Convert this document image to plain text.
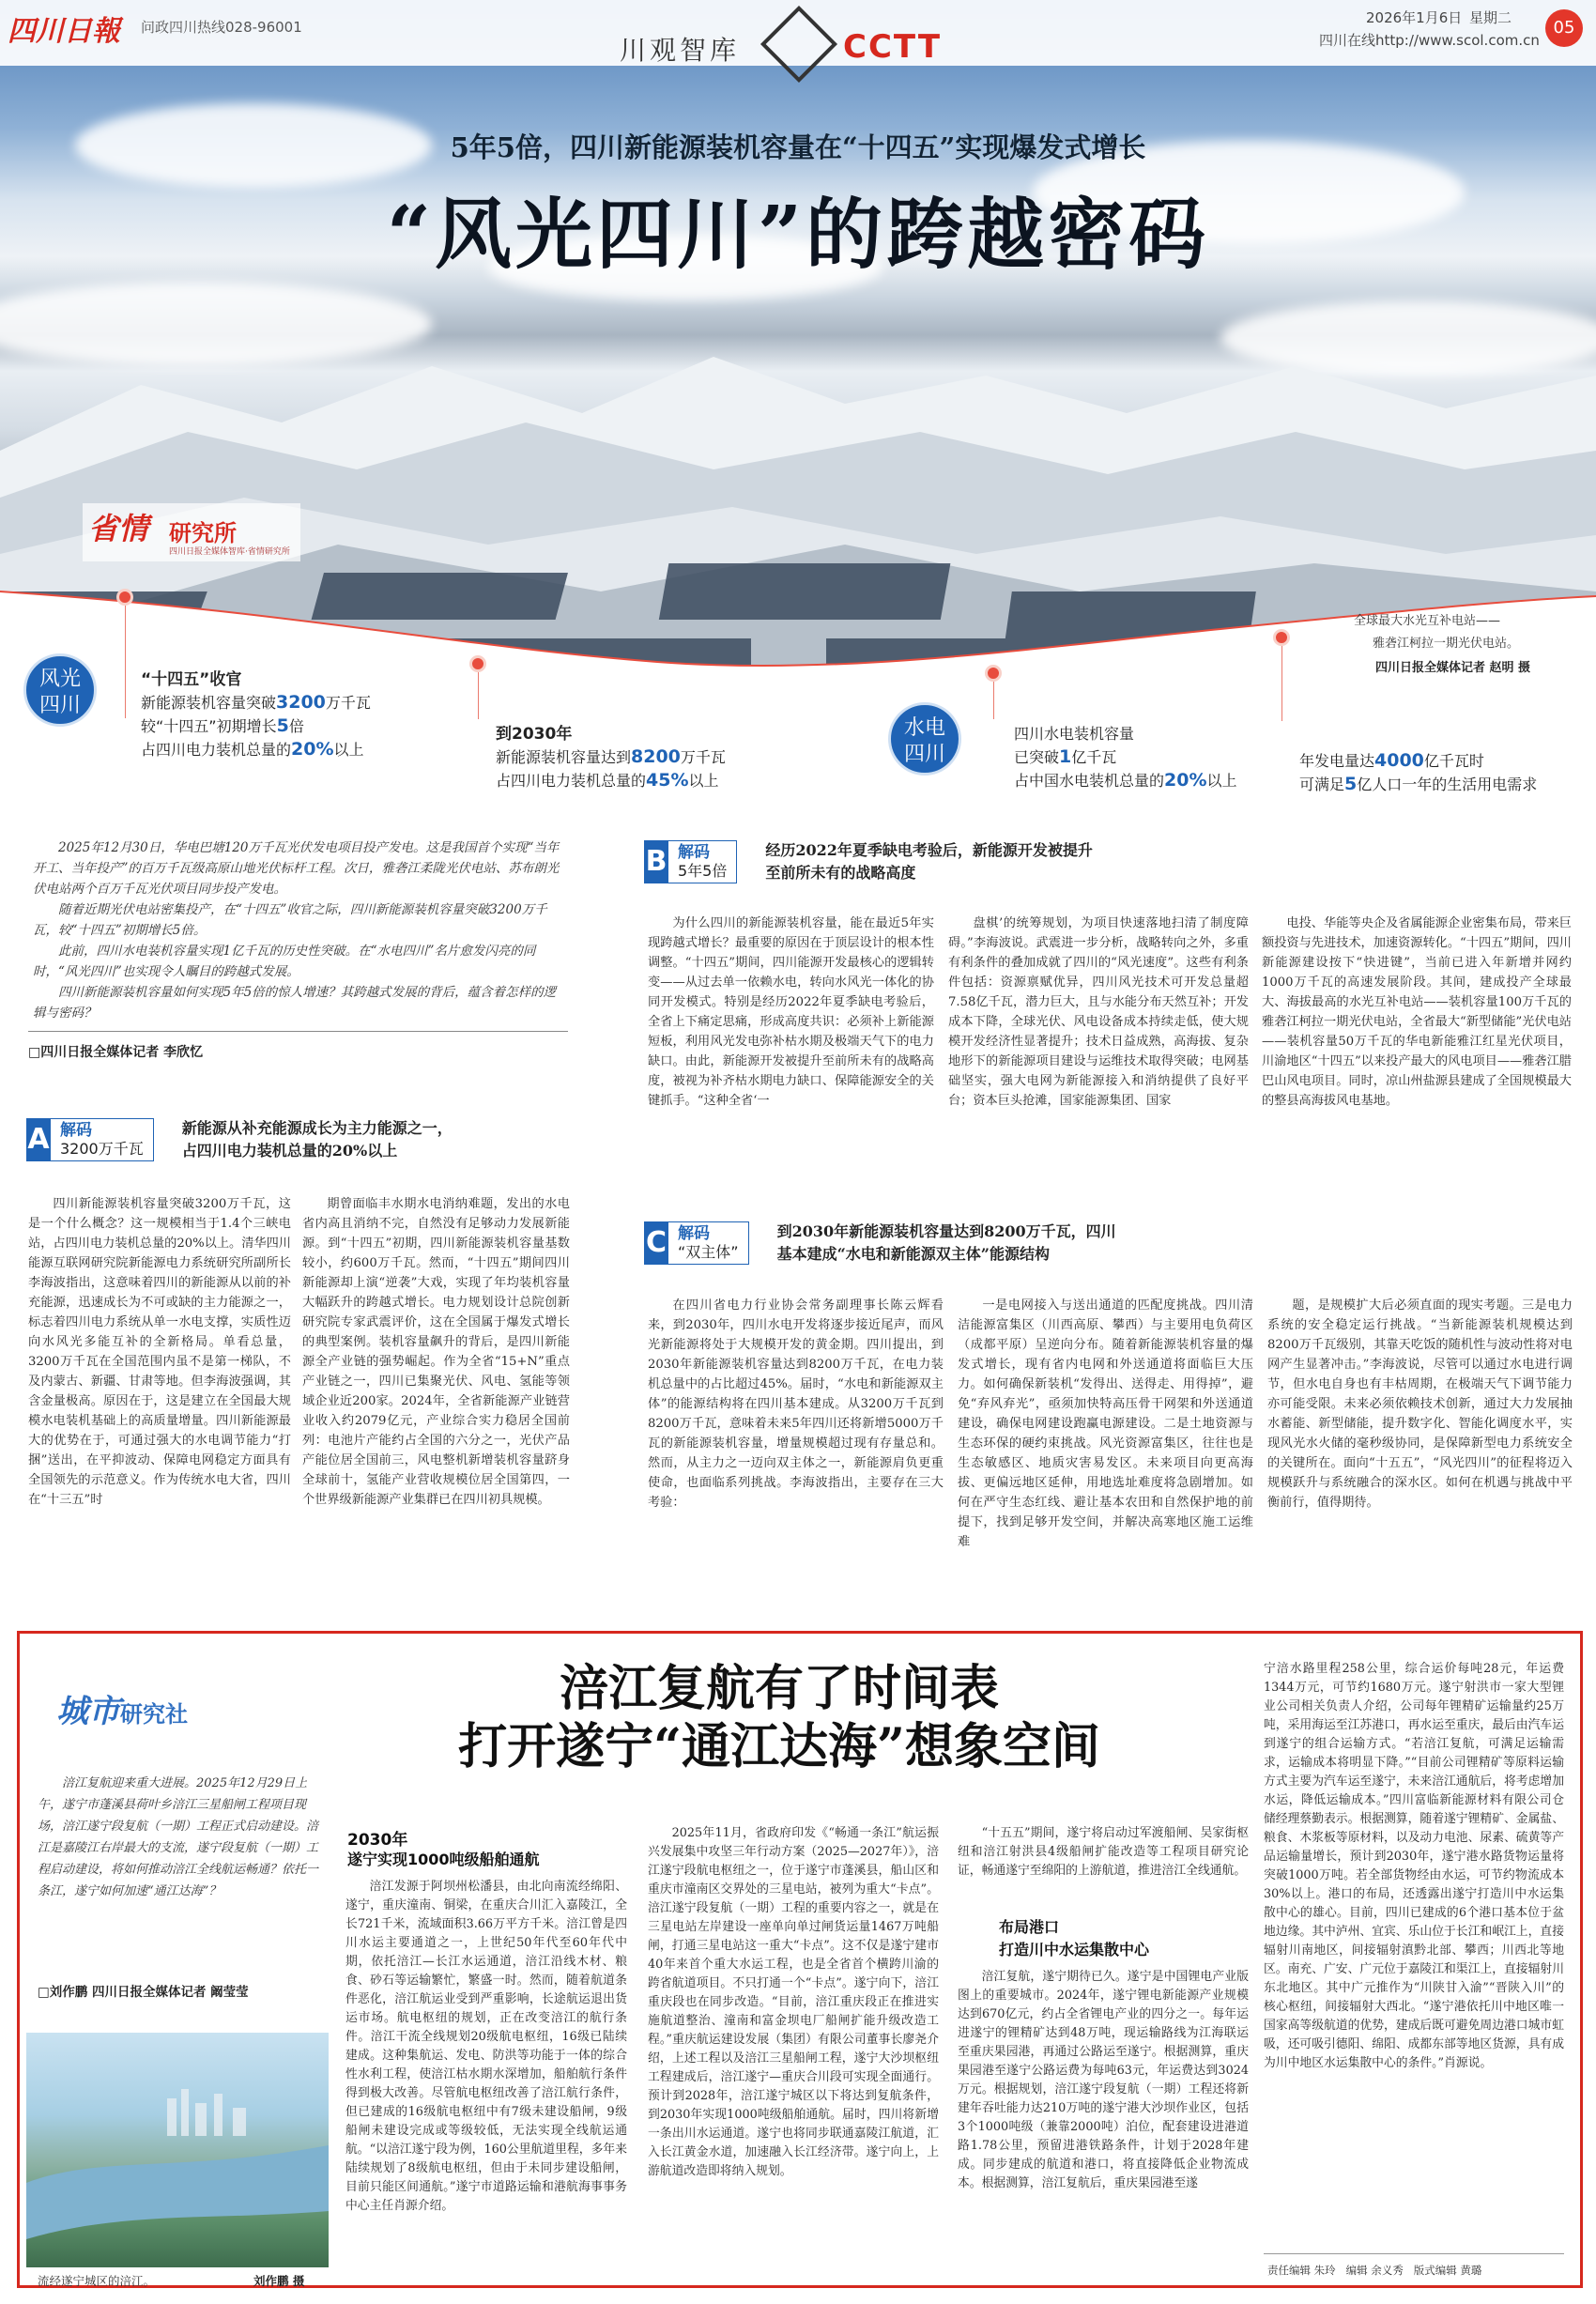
四川日報 问政四川热线028-96001
川观智库	CCTT
2026年1月6日 星期二
四川在线http://www.scol.com.cn
05
5年5倍，四川新能源装机容量在“十四五”实现爆发式增长
“风光四川”的跨越密码
省情 研究所
四川日报全媒体智库·省情研究所
全球最大水光互补电站——
雅砻江柯拉一期光伏电站。
四川日报全媒体记者 赵明 摄
风光
四川
水电
四川
“十四五”收官
新能源装机容量突破3200万千瓦
较“十四五”初期增长5倍
占四川电力装机总量的20%以上
到2030年
新能源装机容量达到8200万千瓦
占四川电力装机总量的45%以上
四川水电装机容量
已突破1亿千瓦
占中国水电装机总量的20%以上
年发电量达4000亿千瓦时
可满足5亿人口一年的生活用电需求

2025年12月30日，华电巴塘120万千瓦光伏发电项目投产发电。这是我国首个实现“当年开工、当年投产”的百万千瓦级高原山地光伏标杆工程。次日，雅砻江柔陇光伏电站、苏布朗光伏电站两个百万千瓦光伏项目同步投产发电。

随着近期光伏电站密集投产，在“十四五”收官之际，四川新能源装机容量突破3200万千瓦，较“十四五”初期增长5倍。

此前，四川水电装机容量实现1亿千瓦的历史性突破。在“水电四川”名片愈发闪亮的同时，“风光四川”也实现令人瞩目的跨越式发展。

四川新能源装机容量如何实现5年5倍的惊人增速？其跨越式发展的背后，蕴含着怎样的逻辑与密码？

□四川日报全媒体记者 李欣忆
A 解码
3200万千瓦
新能源从补充能源成长为主力能源之一，
占四川电力装机总量的20%以上
四川新能源装机容量突破3200万千瓦，这是一个什么概念？这一规模相当于1.4个三峡电站，占四川电力装机总量的20%以上。清华四川能源互联网研究院新能源电力系统研究所副所长李海波指出，这意味着四川的新能源从以前的补充能源，迅速成长为不可或缺的主力能源之一，标志着四川电力系统从单一水电支撑，实质性迈向水风光多能互补的全新格局。单看总量，3200万千瓦在全国范围内虽不是第一梯队，不及内蒙古、新疆、甘肃等地。但李海波强调，其含金量极高。原因在于，这是建立在全国最大规模水电装机基础上的高质量增量。四川新能源最大的优势在于，可通过强大的水电调节能力“打捆”送出，在平抑波动、保障电网稳定方面具有全国领先的示范意义。作为传统水电大省，四川在“十三五”时
期曾面临丰水期水电消纳难题，发出的水电省内高且消纳不完，自然没有足够动力发展新能源。到“十四五”初期，四川新能源装机容量基数较小，约600万千瓦。然而，“十四五”期间四川新能源却上演“逆袭”大戏，实现了年均装机容量大幅跃升的跨越式增长。电力规划设计总院创新研究院专家武震评价，这在全国属于爆发式增长的典型案例。装机容量飙升的背后，是四川新能源全产业链的强势崛起。作为全省“15+N”重点产业链之一，四川已集聚光伏、风电、氢能等领域企业近200家。2024年，全省新能源产业链营业收入约2079亿元，产业综合实力稳居全国前列：电池片产能约占全国的六分之一，光伏产品产能位居全国前三，风电整机新增装机容量跻身全球前十，氢能产业营收规模位居全国第四，一个世界级新能源产业集群已在四川初具规模。
B 解码
5年5倍
经历2022年夏季缺电考验后，新能源开发被提升
至前所未有的战略高度
为什么四川的新能源装机容量，能在最近5年实现跨越式增长？最重要的原因在于顶层设计的根本性调整。“十四五”期间，四川能源开发最核心的逻辑转变——从过去单一依赖水电，转向水风光一体化的协同开发模式。特别是经历2022年夏季缺电考验后，全省上下痛定思痛，形成高度共识：必须补上新能源短板，利用风光发电弥补枯水期及极端天气下的电力缺口。由此，新能源开发被提升至前所未有的战略高度，被视为补齐枯水期电力缺口、保障能源安全的关键抓手。“这种全省‘一
盘棋’的统筹规划，为项目快速落地扫清了制度障碍。”李海波说。武震进一步分析，战略转向之外，多重有利条件的叠加成就了四川的“风光速度”。这些有利条件包括：资源禀赋优异，四川风光技术可开发总量超7.58亿千瓦，潜力巨大，且与水能分布天然互补；开发成本下降，全球光伏、风电设备成本持续走低，使大规模开发经济性显著提升；技术日益成熟，高海拔、复杂地形下的新能源项目建设与运维技术取得突破；电网基础坚实，强大电网为新能源接入和消纳提供了良好平台；资本巨头抢滩，国家能源集团、国家
电投、华能等央企及省属能源企业密集布局，带来巨额投资与先进技术，加速资源转化。“十四五”期间，四川新能源建设按下“快进键”，当前已进入年新增并网约1000万千瓦的高速发展阶段。其间，建成投产全球最大、海拔最高的水光互补电站——装机容量100万千瓦的雅砻江柯拉一期光伏电站，全省最大“新型储能”光伏电站——装机容量50万千瓦的华电新能雅江红星光伏项目，川渝地区“十四五”以来投产最大的风电项目——雅砻江腊巴山风电项目。同时，凉山州盐源县建成了全国规模最大的整县高海拔风电基地。
C 解码
“双主体”
到2030年新能源装机容量达到8200万千瓦，四川
基本建成“水电和新能源双主体”能源结构
在四川省电力行业协会常务副理事长陈云辉看来，到2030年，四川水电开发将逐步接近尾声，而风光新能源将处于大规模开发的黄金期。四川提出，到2030年新能源装机容量达到8200万千瓦，在电力装机总量中的占比超过45%。届时，“水电和新能源双主体”的能源结构将在四川基本建成。从3200万千瓦到8200万千瓦，意味着未来5年四川还将新增5000万千瓦的新能源装机容量，增量规模超过现有存量总和。然而，从主力之一迈向双主体之一，新能源肩负更重使命，也面临系列挑战。李海波指出，主要存在三大考验：
一是电网接入与送出通道的匹配度挑战。四川清洁能源富集区（川西高原、攀西）与主要用电负荷区（成都平原）呈逆向分布。随着新能源装机容量的爆发式增长，现有省内电网和外送通道将面临巨大压力。如何确保新装机“发得出、送得走、用得掉”，避免“弃风弃光”，亟须加快特高压骨干网架和外送通道建设，确保电网建设跑赢电源建设。二是土地资源与生态环保的硬约束挑战。风光资源富集区，往往也是生态敏感区、地质灾害易发区。未来项目向更高海拔、更偏远地区延伸，用地选址难度将急剧增加。如何在严守生态红线、避让基本农田和自然保护地的前提下，找到足够开发空间，并解决高寒地区施工运维难
题，是规模扩大后必须直面的现实考题。三是电力系统的安全稳定运行挑战。“当新能源装机规模达到8200万千瓦级别，其靠天吃饭的随机性与波动性将对电网产生显著冲击。”李海波说，尽管可以通过水电进行调节，但水电自身也有丰枯周期，在极端天气下调节能力亦可能受限。未来必须依赖技术创新，通过大力发展抽水蓄能、新型储能，提升数字化、智能化调度水平，实现风光水火储的毫秒级协同，是保障新型电力系统安全的关键所在。面向“十五五”，“风光四川”的征程将迈入规模跃升与系统融合的深水区。如何在机遇与挑战中平衡前行，值得期待。
城市研究社	涪江复航有了时间表
打开遂宁“通江达海”想象空间
涪江复航迎来重大进展。2025年12月29日上午，遂宁市蓬溪县荷叶乡涪江三星船闸工程项目现场，涪江遂宁段复航（一期）工程正式启动建设。涪江是嘉陵江右岸最大的支流，遂宁段复航（一期）工程启动建设，将如何推动涪江全线航运畅通？依托一条江，遂宁如何加速“通江达海”？
□刘作鹏 四川日报全媒体记者 阚莹莹
流经遂宁城区的涪江。	刘作鹏 摄
2030年
遂宁实现1000吨级船舶通航
涪江发源于阿坝州松潘县，由北向南流经绵阳、遂宁，重庆潼南、铜梁，在重庆合川汇入嘉陵江，全长721千米，流域面积3.66万平方千米。涪江曾是四川水运主要通道之一，上世纪50年代至60年代中期，依托涪江—长江水运通道，涪江沿线木材、粮食、砂石等运输繁忙，繁盛一时。然而，随着航道条件恶化，涪江航运业受到严重影响，长途航运退出货运市场。航电枢纽的规划，正在改变涪江的航行条件。涪江干流全线规划20级航电枢纽，16级已陆续建成。这种集航运、发电、防洪等功能于一体的综合性水利工程，使涪江枯水期水深增加，船舶航行条件得到极大改善。尽管航电枢纽改善了涪江航行条件，但已建成的16级航电枢纽中有7级未建设船闸，9级船闸未建设完成或等级较低，无法实现全线航运通航。“以涪江遂宁段为例，160公里航道里程，多年来陆续规划了8级航电枢纽，但由于未同步建设船闸，目前只能区间通航。”遂宁市道路运输和港航海事事务中心主任肖源介绍。
2025年11月，省政府印发《“畅通一条江”航运振兴发展集中攻坚三年行动方案（2025—2027年）》，涪江遂宁段航电枢纽之一，位于遂宁市蓬溪县，船山区和重庆市潼南区交界处的三星电站，被列为重大“卡点”。涪江遂宁段复航（一期）工程的重要内容之一，就是在三星电站左岸建设一座单向单过闸货运量1467万吨船闸，打通三星电站这一重大“卡点”。这不仅是遂宁建市40年来首个重大水运工程，也是全省首个横跨川渝的跨省航道项目。不只打通一个“卡点”。遂宁向下，涪江重庆段也在同步改造。“目前，涪江重庆段正在推进实施航道整治、潼南和富金坝电厂船闸扩能升级改造工程。”重庆航运建设发展（集团）有限公司董事长廖尧介绍，上述工程以及涪江三星船闸工程，遂宁大沙坝枢纽工程建成后，涪江遂宁—重庆合川段可实现全面通行。预计到2028年，涪江遂宁城区以下将达到复航条件，到2030年实现1000吨级船舶通航。届时，四川将新增一条出川水运通道。遂宁也将同步联通嘉陵江航道，汇入长江黄金水道，加速融入长江经济带。遂宁向上，上游航道改造即将纳入规划。
“十五五”期间，遂宁将启动过军渡船闸、吴家街枢纽和涪江射洪县4级船闸扩能改造等工程项目研究论证，畅通遂宁至绵阳的上游航道，推进涪江全线通航。
布局港口
打造川中水运集散中心
涪江复航，遂宁期待已久。遂宁是中国锂电产业版图上的重要城市。2024年，遂宁锂电新能源产业规模达到670亿元，约占全省锂电产业的四分之一。每年运进遂宁的锂精矿达到48万吨，现运输路线为江海联运至重庆果园港，再通过公路运至遂宁。根据测算，重庆果园港至遂宁公路运费为每吨63元，年运费达到3024万元。根据规划，涪江遂宁段复航（一期）工程还将新建年吞吐能力达210万吨的遂宁港大沙坝作业区，包括3个1000吨级（兼靠2000吨）泊位，配套建设进港道路1.78公里，预留进港铁路条件，计划于2028年建成。同步建成的航道和港口，将直接降低企业物流成本。根据测算，涪江复航后，重庆果园港至遂
宁涪水路里程258公里，综合运价每吨28元，年运费1344万元，可节约1680万元。遂宁射洪市一家大型锂业公司相关负责人介绍，公司每年锂精矿运输量约25万吨，采用海运至江苏港口，再水运至重庆，最后由汽车运到遂宁的组合运输方式。“若涪江复航，可满足运输需求，运输成本将明显下降。”“目前公司锂精矿等原料运输方式主要为汽车运至遂宁，未来涪江通航后，将考虑增加水运，降低运输成本。”四川富临新能源材料有限公司仓储经理蔡勤表示。根据测算，随着遂宁锂精矿、金属盐、粮食、木浆板等原材料，以及动力电池、尿素、硫黄等产品运输量增长，预计到2030年，遂宁港水路货物运量将突破1000万吨。若全部货物经由水运，可节约物流成本30%以上。港口的布局，还透露出遂宁打造川中水运集散中心的雄心。目前，四川已建成的6个港口基本位于盆地边缘。其中泸州、宜宾、乐山位于长江和岷江上，直接辐射川南地区，间接辐射滇黔北部、攀西；川西北等地区。南充、广安、广元位于嘉陵江和渠江上，直接辐射川东北地区。其中广元推作为“川陕甘入渝”“晋陕入川”的核心枢纽，间接辐射大西北。“遂宁港依托川中地区唯一国家高等级航道的优势，建成后既可避免周边港口城市虹吸，还可吸引德阳、绵阳、成都东部等地区货源，具有成为川中地区水运集散中心的条件。”肖源说。
责任编辑 朱玲 编辑 余义秀 版式编辑 黄璐
